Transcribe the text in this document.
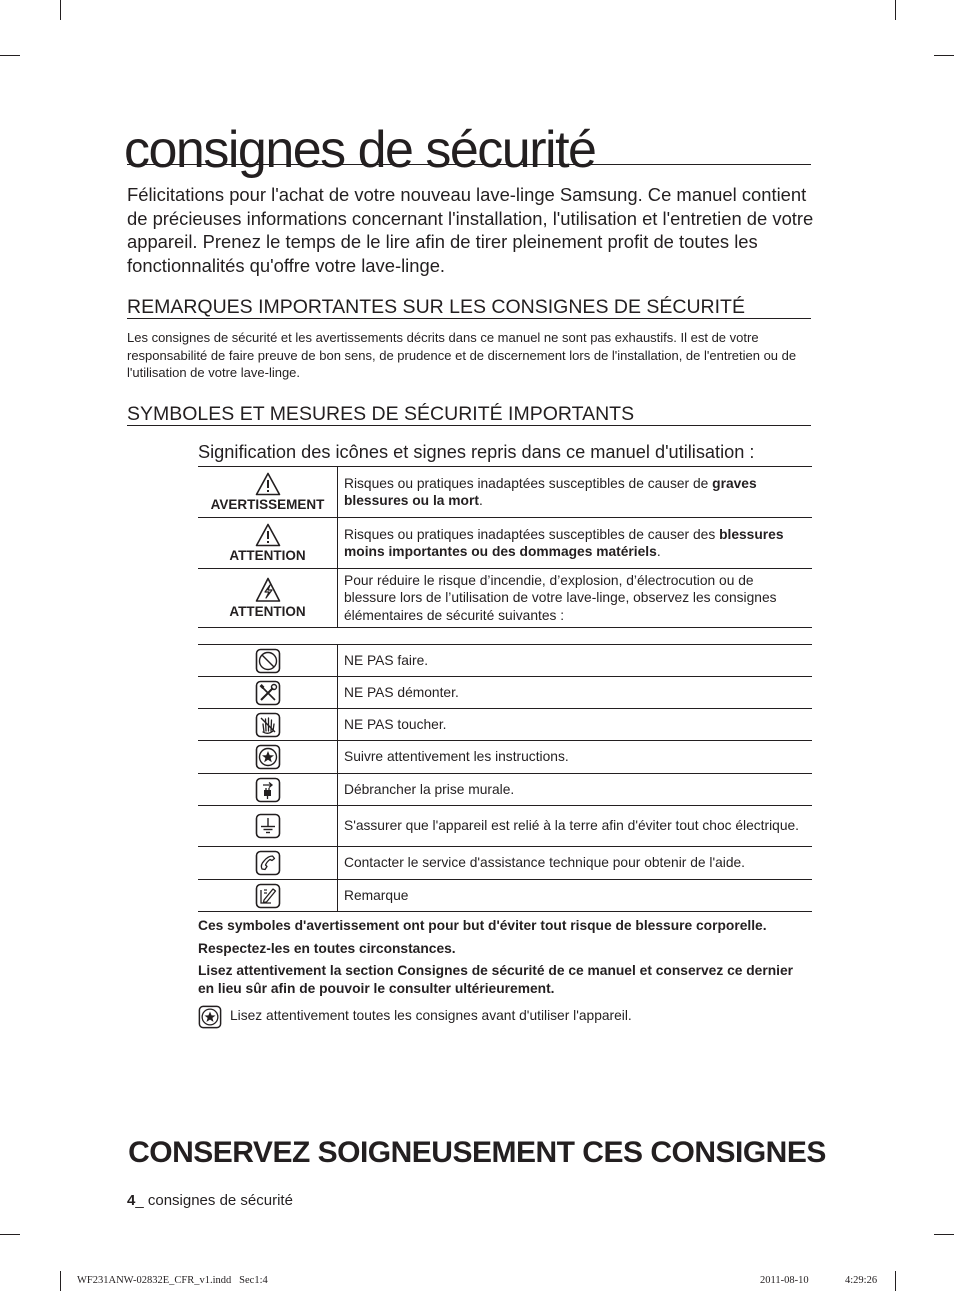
consignes de sécurité

Félicitations pour l'achat de votre nouveau lave-linge Samsung. Ce manuel contient de précieuses informations concernant l'installation, l'utilisation et l'entretien de votre appareil. Prenez le temps de le lire afin de tirer pleinement profit de toutes les fonctionnalités qu'offre votre lave-linge.

REMARQUES IMPORTANTES SUR LES CONSIGNES DE SÉCURITÉ

Les consignes de sécurité et les avertissements décrits dans ce manuel ne sont pas exhaustifs. Il est de votre responsabilité de faire preuve de bon sens, de prudence et de discernement lors de l'installation, de l'entretien ou de l'utilisation de votre lave-linge.

SYMBOLES ET MESURES DE SÉCURITÉ IMPORTANTS

Signification des icônes et signes repris dans ce manuel d'utilisation :

AVERTISSEMENT	Risques ou pratiques inadaptées susceptibles de causer de graves blessures ou la mort.

ATTENTION	Risques ou pratiques inadaptées susceptibles de causer des blessures moins importantes ou des dommages matériels.

ATTENTION	Pour réduire le risque d’incendie, d’explosion, d’électrocution ou de blessure lors de l’utilisation de votre lave-linge, observez les consignes élémentaires de sécurité suivantes :
	NE PAS faire.

	NE PAS démonter.

	NE PAS toucher.

	Suivre attentivement les instructions.

	Débrancher la prise murale.

	S'assurer que l'appareil est relié à la terre afin d'éviter tout choc électrique.

	Contacter le service d'assistance technique pour obtenir de l'aide.

	Remarque

Ces symboles d'avertissement ont pour but d'éviter tout risque de blessure corporelle.

Respectez-les en toutes circonstances.

Lisez attentivement la section Consignes de sécurité de ce manuel et conservez ce dernier en lieu sûr afin de pouvoir le consulter ultérieurement.

Lisez attentivement toutes les consignes avant d'utiliser l'appareil.

CONSERVEZ SOIGNEUSEMENT CES CONSIGNES

4_ consignes de sécurité
WF231ANW-02832E_CFR_v1.indd   Sec1:4	2011-08-10	4:29:26
